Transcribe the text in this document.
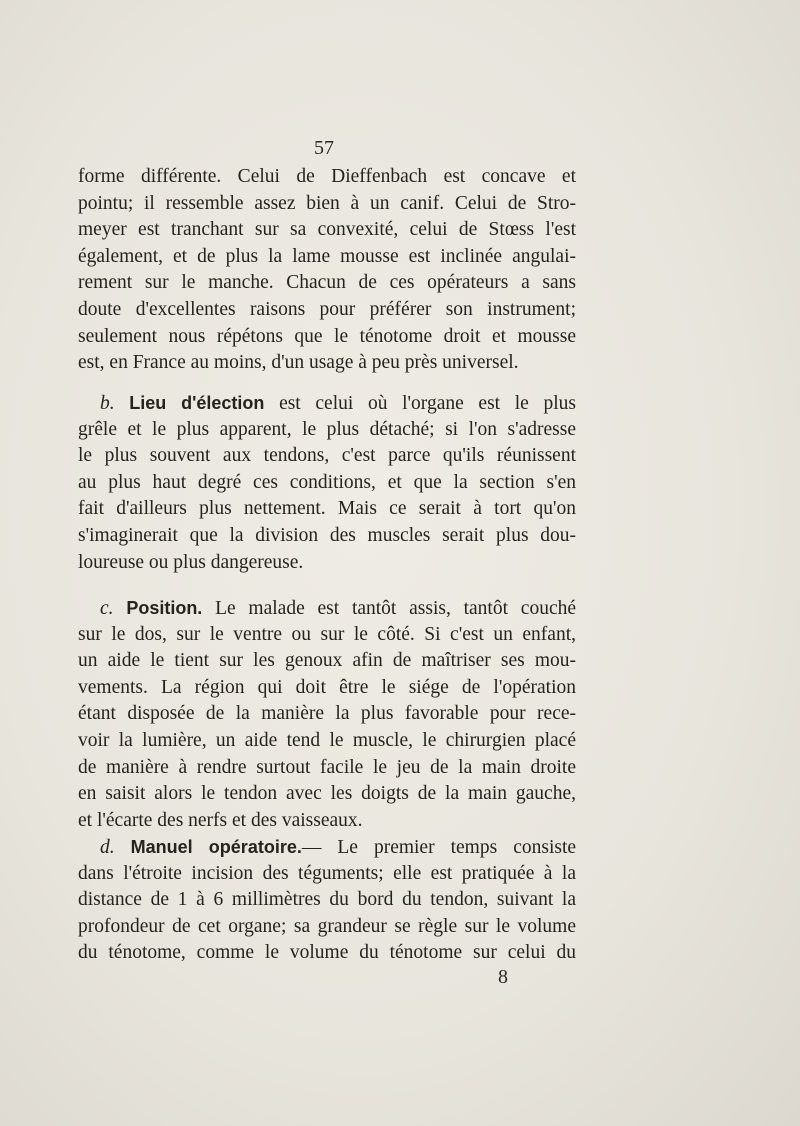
57
forme différente. Celui de Dieffenbach est concave et
pointu; il ressemble assez bien à un canif. Celui de Stro-
meyer est tranchant sur sa convexité, celui de Stœss l'est
également, et de plus la lame mousse est inclinée angulai-
rement sur le manche. Chacun de ces opérateurs a sans
doute d'excellentes raisons pour préférer son instrument;
seulement nous répétons que le ténotome droit et mousse
est, en France au moins, d'un usage à peu près universel.
b. Lieu d'élection est celui où l'organe est le plus
grêle et le plus apparent, le plus détaché; si l'on s'adresse
le plus souvent aux tendons, c'est parce qu'ils réunissent
au plus haut degré ces conditions, et que la section s'en
fait d'ailleurs plus nettement. Mais ce serait à tort qu'on
s'imaginerait que la division des muscles serait plus dou-
loureuse ou plus dangereuse.
c. Position. Le malade est tantôt assis, tantôt couché
sur le dos, sur le ventre ou sur le côté. Si c'est un enfant,
un aide le tient sur les genoux afin de maîtriser ses mou-
vements. La région qui doit être le siége de l'opération
étant disposée de la manière la plus favorable pour rece-
voir la lumière, un aide tend le muscle, le chirurgien placé
de manière à rendre surtout facile le jeu de la main droite
en saisit alors le tendon avec les doigts de la main gauche,
et l'écarte des nerfs et des vaisseaux.
d. Manuel opératoire.— Le premier temps consiste
dans l'étroite incision des téguments; elle est pratiquée à la
distance de 1 à 6 millimètres du bord du tendon, suivant la
profondeur de cet organe; sa grandeur se règle sur le volume
du ténotome, comme le volume du ténotome sur celui du
8
